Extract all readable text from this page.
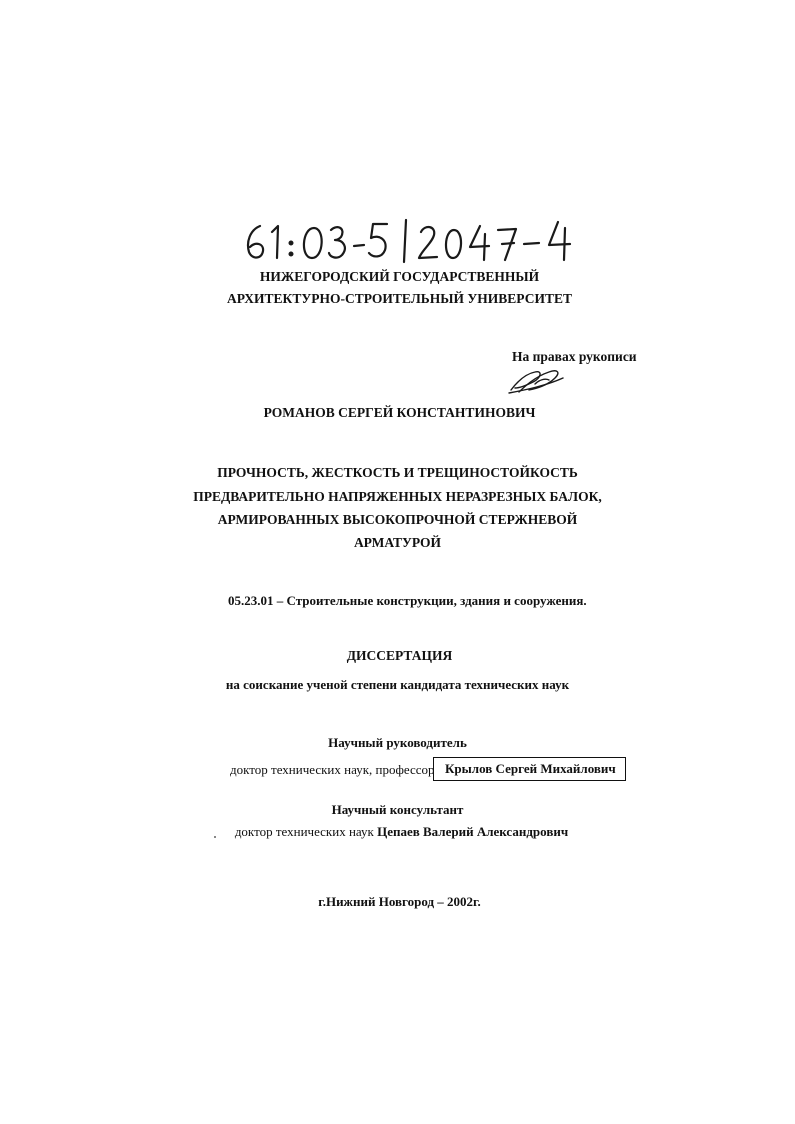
НИЖЕГОРОДСКИЙ ГОСУДАРСТВЕННЫЙ
АРХИТЕКТУРНО-СТРОИТЕЛЬНЫЙ УНИВЕРСИТЕТ
На правах рукописи
РОМАНОВ СЕРГЕЙ КОНСТАНТИНОВИЧ
ПРОЧНОСТЬ, ЖЕСТКОСТЬ И ТРЕЩИНОСТОЙКОСТЬ
ПРЕДВАРИТЕЛЬНО НАПРЯЖЕННЫХ НЕРАЗРЕЗНЫХ БАЛОК,
АРМИРОВАННЫХ ВЫСОКОПРОЧНОЙ СТЕРЖНЕВОЙ
АРМАТУРОЙ
05.23.01 – Строительные конструкции, здания и сооружения.
ДИССЕРТАЦИЯ
на соискание ученой степени кандидата технических наук
Научный руководитель
доктор технических наук, профессор Крылов Сергей Михайлович
Научный консультант
доктор технических наук Цепаев Валерий Александрович
г.Нижний Новгород – 2002г.
